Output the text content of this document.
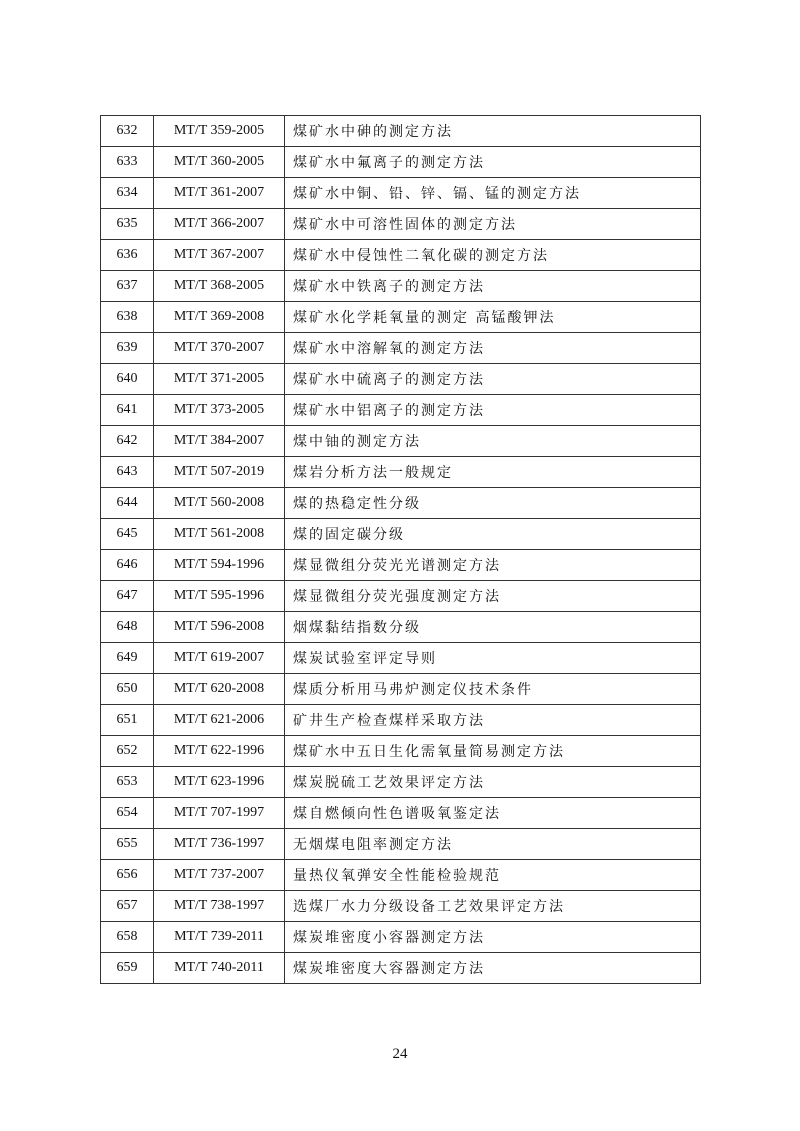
632	MT/T 359-2005	煤矿水中砷的测定方法
633	MT/T 360-2005	煤矿水中氟离子的测定方法
634	MT/T 361-2007	煤矿水中铜、铅、锌、镉、锰的测定方法
635	MT/T 366-2007	煤矿水中可溶性固体的测定方法
636	MT/T 367-2007	煤矿水中侵蚀性二氧化碳的测定方法
637	MT/T 368-2005	煤矿水中铁离子的测定方法
638	MT/T 369-2008	煤矿水化学耗氧量的测定 高锰酸钾法
639	MT/T 370-2007	煤矿水中溶解氧的测定方法
640	MT/T 371-2005	煤矿水中硫离子的测定方法
641	MT/T 373-2005	煤矿水中铝离子的测定方法
642	MT/T 384-2007	煤中铀的测定方法
643	MT/T 507-2019	煤岩分析方法一般规定
644	MT/T 560-2008	煤的热稳定性分级
645	MT/T 561-2008	煤的固定碳分级
646	MT/T 594-1996	煤显微组分荧光光谱测定方法
647	MT/T 595-1996	煤显微组分荧光强度测定方法
648	MT/T 596-2008	烟煤黏结指数分级
649	MT/T 619-2007	煤炭试验室评定导则
650	MT/T 620-2008	煤质分析用马弗炉测定仪技术条件
651	MT/T 621-2006	矿井生产检查煤样采取方法
652	MT/T 622-1996	煤矿水中五日生化需氧量简易测定方法
653	MT/T 623-1996	煤炭脱硫工艺效果评定方法
654	MT/T 707-1997	煤自燃倾向性色谱吸氧鉴定法
655	MT/T 736-1997	无烟煤电阻率测定方法
656	MT/T 737-2007	量热仪氧弹安全性能检验规范
657	MT/T 738-1997	选煤厂水力分级设备工艺效果评定方法
658	MT/T 739-2011	煤炭堆密度小容器测定方法
659	MT/T 740-2011	煤炭堆密度大容器测定方法
24
